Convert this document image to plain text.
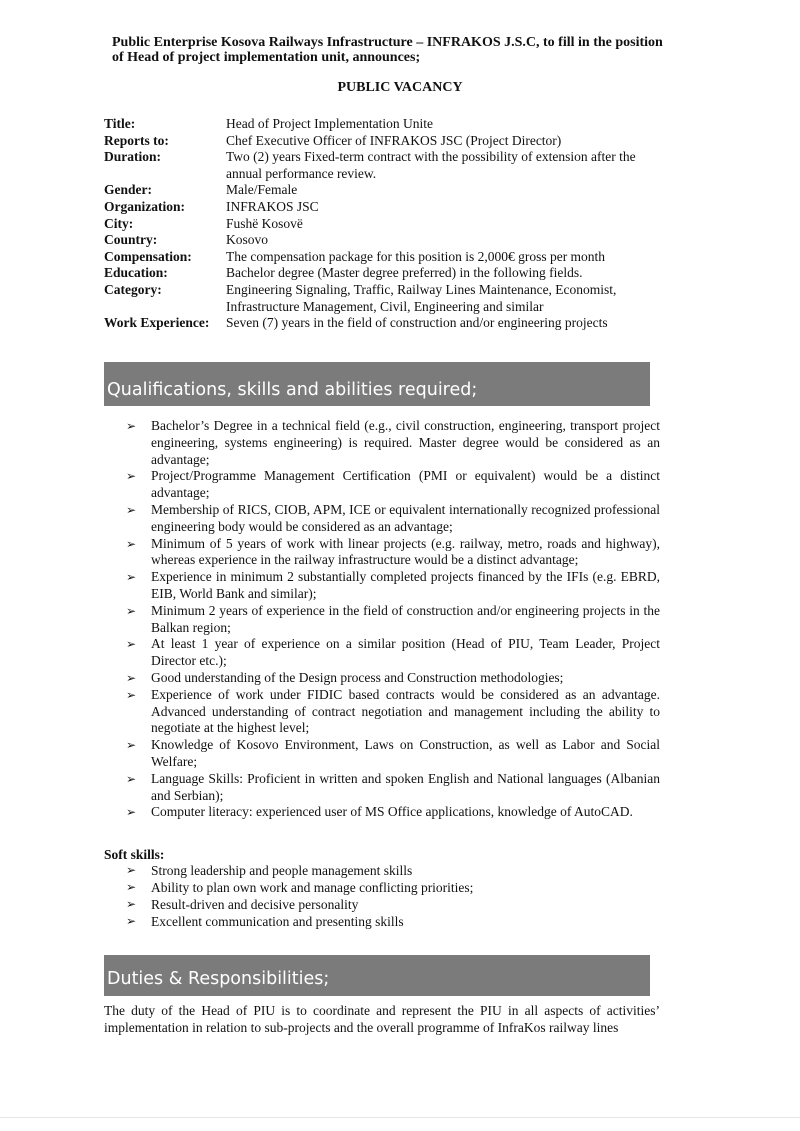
Public Enterprise Kosova Railways Infrastructure – INFRAKOS J.S.C, to fill in the position of Head of project implementation unit, announces;
PUBLIC VACANCY
Title:	Head of Project Implementation Unite
Reports to:	Chef Executive Officer of INFRAKOS JSC (Project Director)
Duration:	Two (2) years Fixed-term contract with the possibility of extension after the annual performance review.
Gender:	Male/Female
Organization:	INFRAKOS JSC
City:	Fushë Kosovë
Country:	Kosovo
Compensation:	The compensation package for this position is 2,000€ gross per month
Education:	Bachelor degree (Master degree preferred) in the following fields.
Category:	Engineering Signaling, Traffic, Railway Lines Maintenance, Economist, Infrastructure Management, Civil, Engineering and similar
Work Experience: Seven (7) years in the field of construction and/or engineering projects
Qualifications, skills and abilities required;
➢ Bachelor’s Degree in a technical field (e.g., civil construction, engineering, transport project engineering, systems engineering) is required. Master degree would be considered as an advantage;
➢ Project/Programme Management Certification (PMI or equivalent) would be a distinct advantage;
➢ Membership of RICS, CIOB, APM, ICE or equivalent internationally recognized professional engineering body would be considered as an advantage;
➢ Minimum of 5 years of work with linear projects (e.g. railway, metro, roads and highway), whereas experience in the railway infrastructure would be a distinct advantage;
➢ Experience in minimum 2 substantially completed projects financed by the IFIs (e.g. EBRD, EIB, World Bank and similar);
➢ Minimum 2 years of experience in the field of construction and/or engineering projects in the Balkan region;
➢ At least 1 year of experience on a similar position (Head of PIU, Team Leader, Project Director etc.);
➢ Good understanding of the Design process and Construction methodologies;
➢ Experience of work under FIDIC based contracts would be considered as an advantage. Advanced understanding of contract negotiation and management including the ability to negotiate at the highest level;
➢ Knowledge of Kosovo Environment, Laws on Construction, as well as Labor and Social Welfare;
➢ Language Skills: Proficient in written and spoken English and National languages (Albanian and Serbian);
➢ Computer literacy: experienced user of MS Office applications, knowledge of AutoCAD.
Soft skills:
➢ Strong leadership and people management skills
➢ Ability to plan own work and manage conflicting priorities;
➢ Result-driven and decisive personality
➢ Excellent communication and presenting skills
Duties & Responsibilities;
The duty of the Head of PIU is to coordinate and represent the PIU in all aspects of activities’ implementation in relation to sub-projects and the overall programme of InfraKos railway lines
